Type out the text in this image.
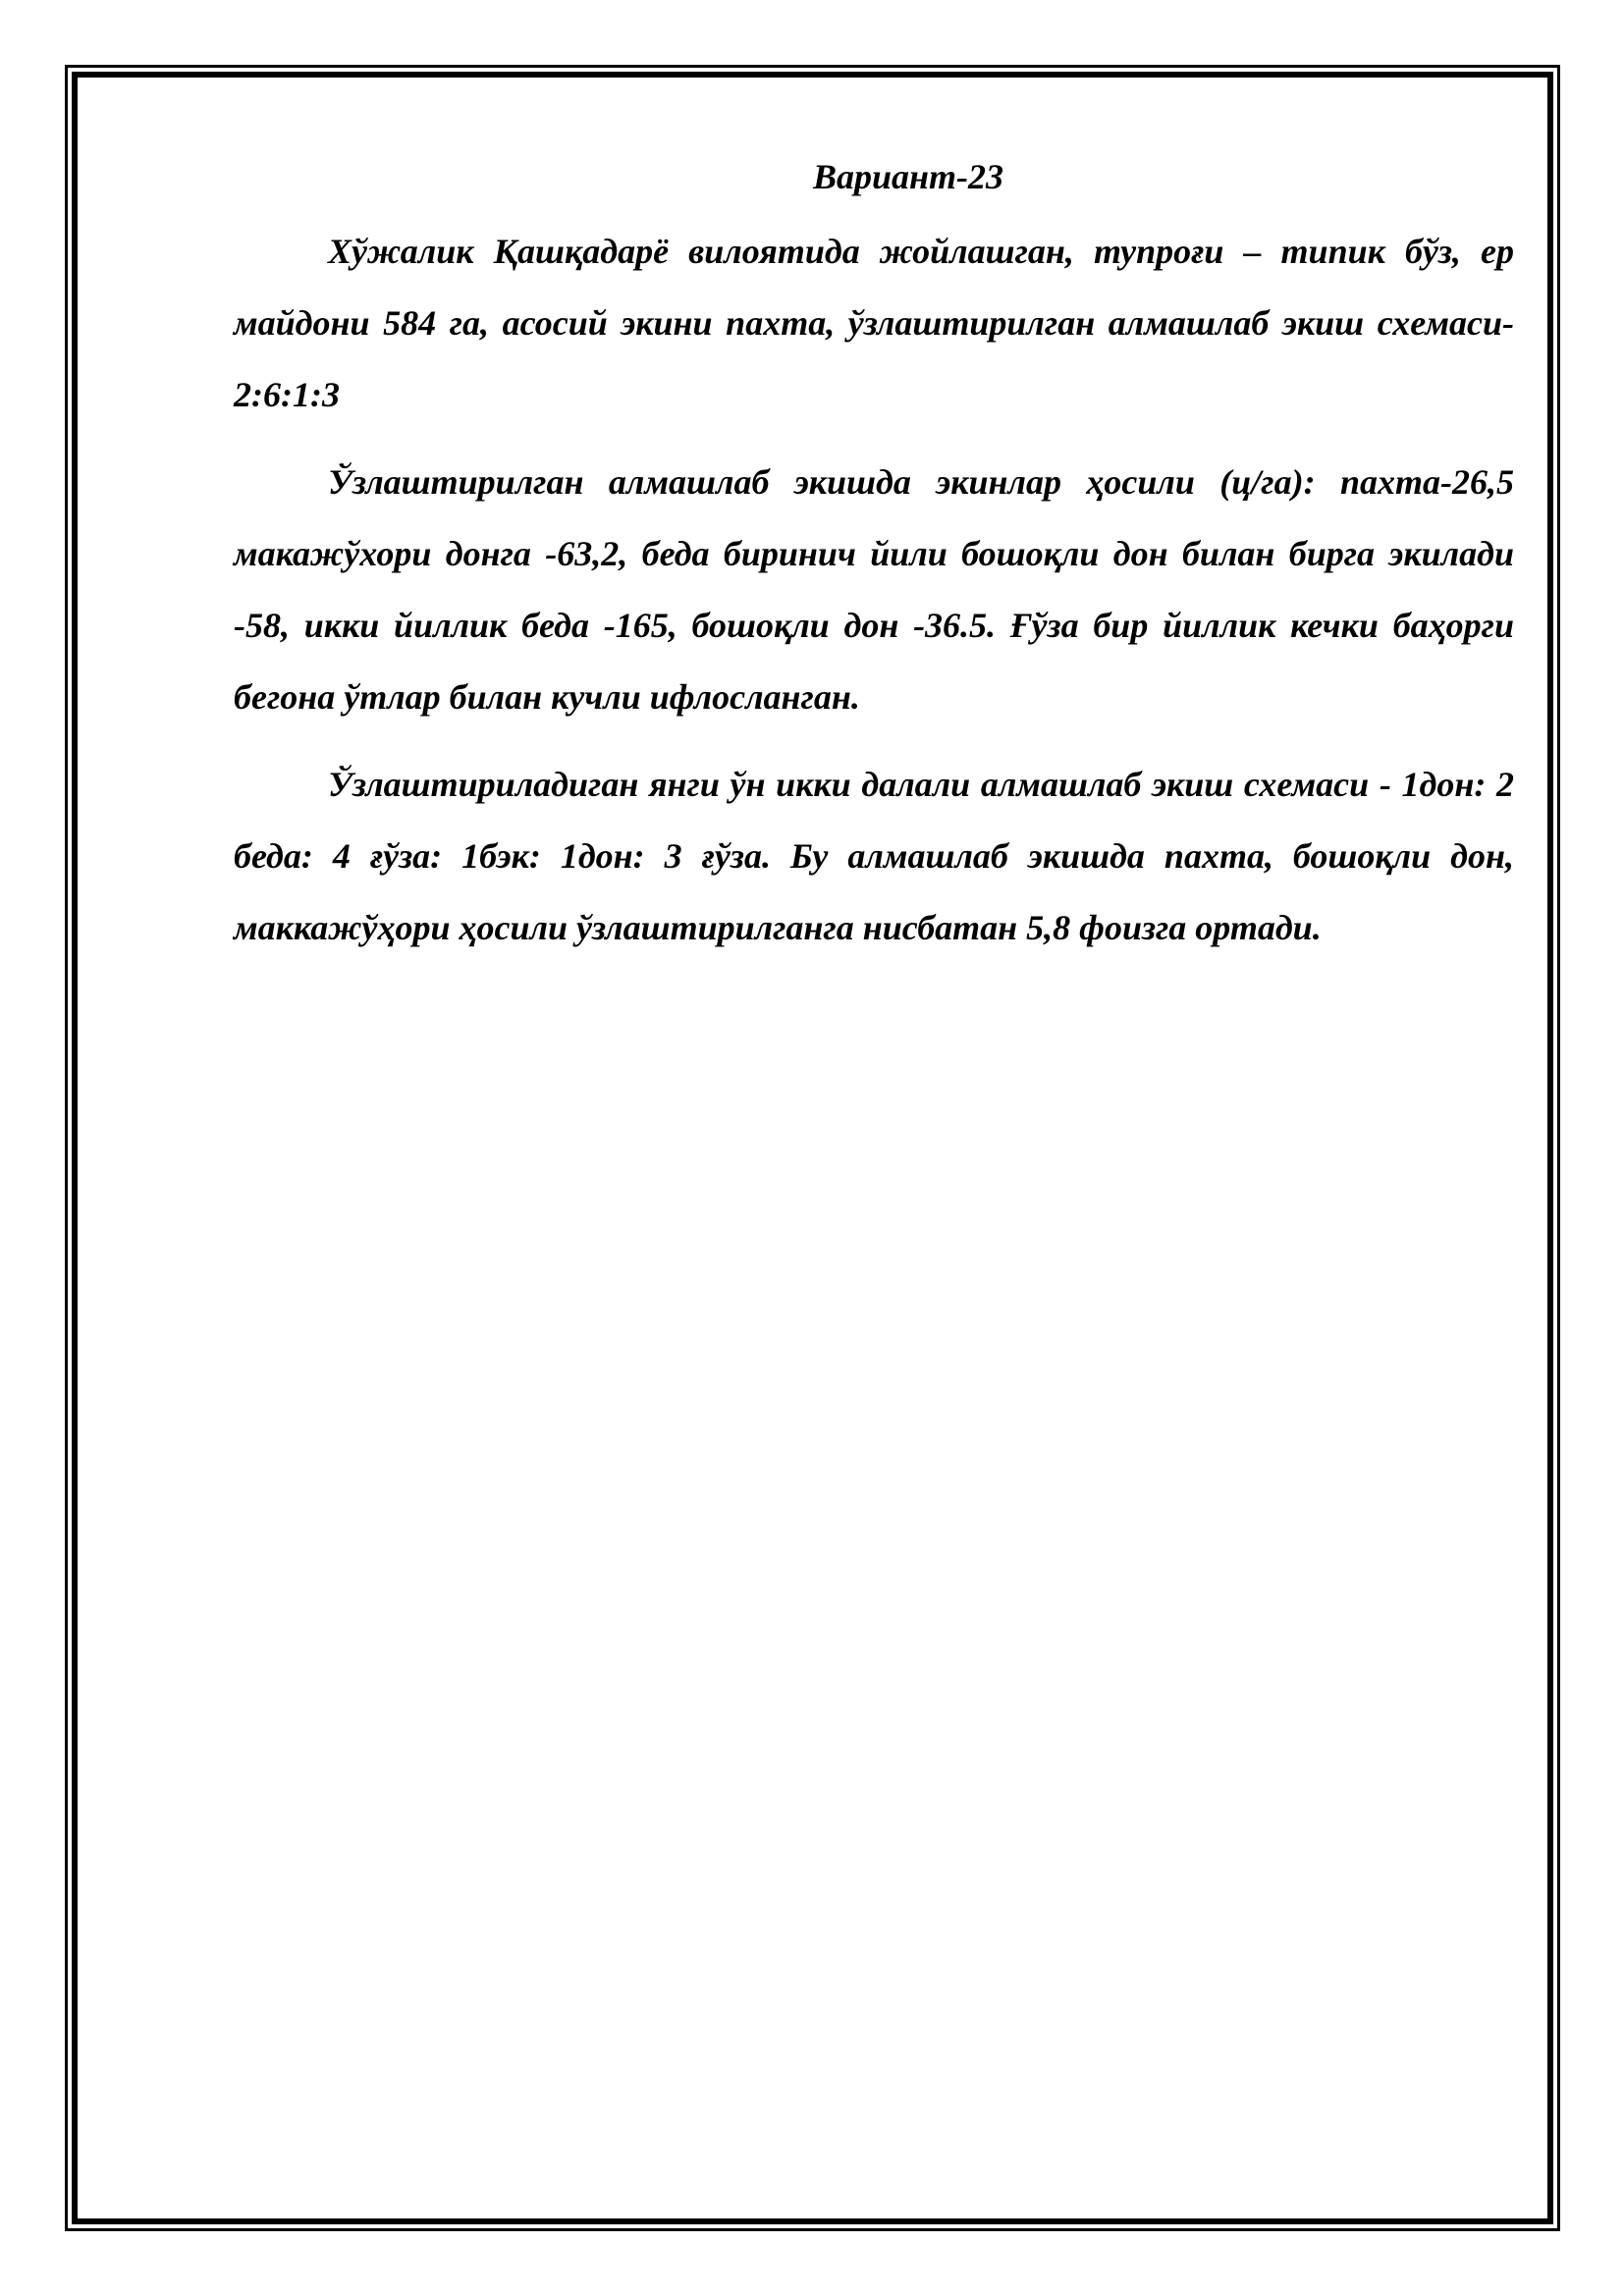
Вариант-23

Хўжалик Қашқадарё вилоятида жойлашган, тупроғи – типик бўз, ер майдони 584 га, асосий экини пахта, ўзлаштирилган алмашлаб экиш схемаси- 2:6:1:3

Ўзлаштирилган алмашлаб экишда экинлар ҳосили (ц/га): пахта-26,5 макажўхори донга -63,2, беда биринич йили бошоқли дон билан бирга экилади -58, икки йиллик беда -165, бошоқли дон -36.5. Ғўза бир йиллик кечки баҳорги бегона ўтлар билан кучли ифлосланган.

Ўзлаштириладиган янги ўн икки далали алмашлаб экиш схемаси - 1дон: 2 беда: 4 ғўза: 1бэк: 1дон: 3 ғўза. Бу алмашлаб экишда пахта, бошоқли дон, маккажўҳори ҳосили ўзлаштирилганга нисбатан 5,8 фоизга ортади.
